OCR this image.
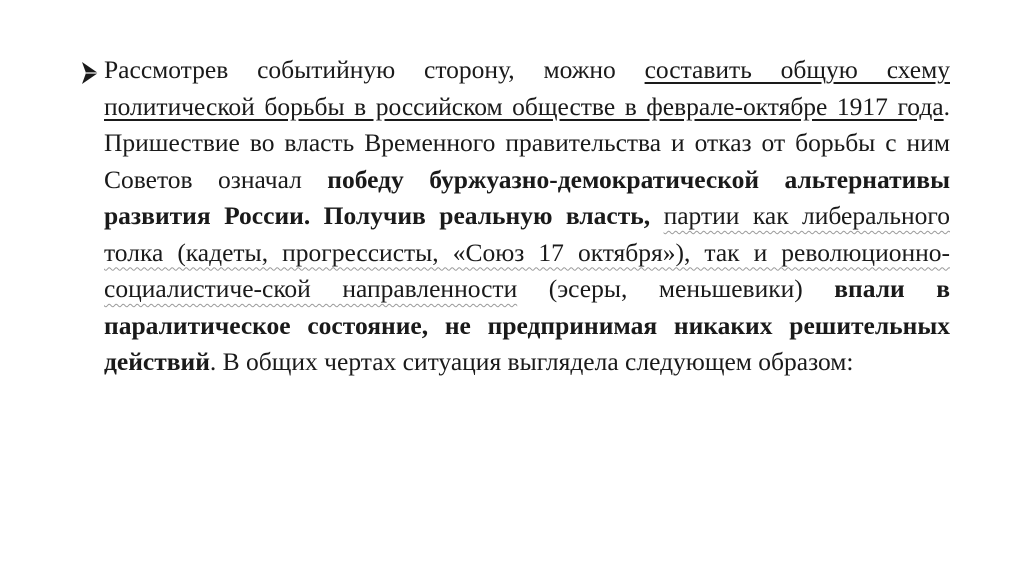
Рассмотрев событийную сторону, можно составить общую схему политической борьбы в российском обществе в феврале-октябре 1917 года. Пришествие во власть Временного правительства и отказ от борьбы с ним Советов означал победу буржуазно-демократической альтернативы развития России. Получив реальную власть, партии как либерального толка (кадеты, прогрессисты, «Союз 17 октября»), так и революционно-социалистиче-ской направленности (эсеры, меньшевики) впали в паралитическое состояние, не предпринимая никаких решительных действий. В общих чертах ситуация выглядела следующем образом:
